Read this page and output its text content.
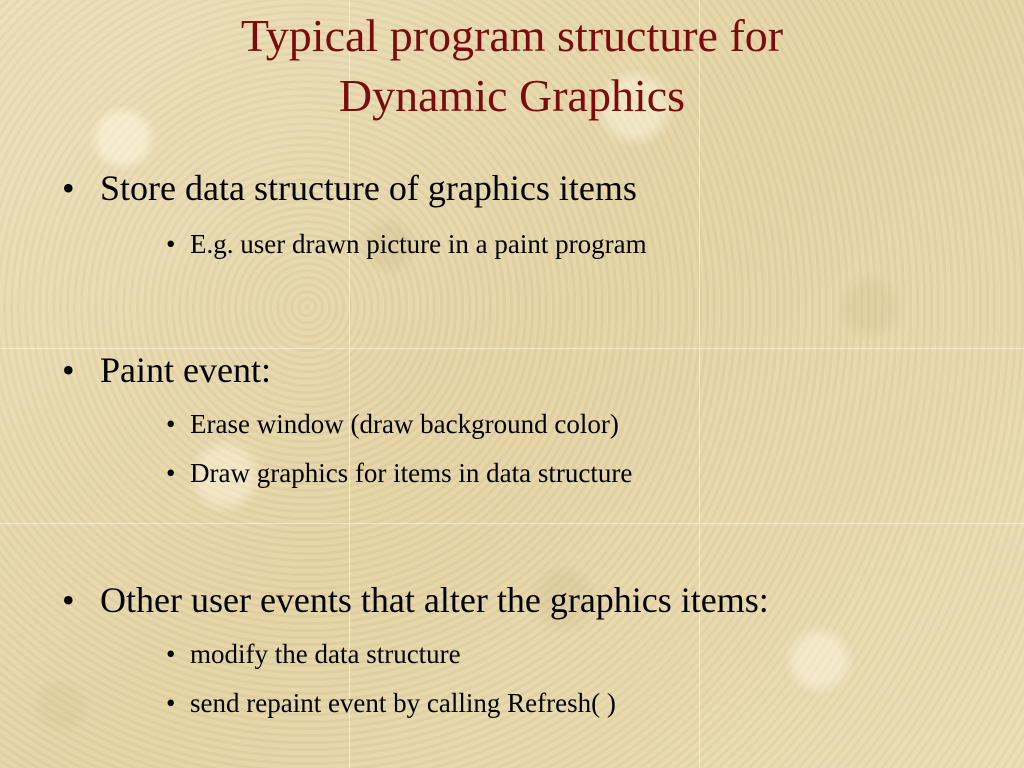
Typical program structure for
Dynamic Graphics
• Store data structure of graphics items
• E.g. user drawn picture in a paint program
• Paint event:
• Erase window (draw background color)
• Draw graphics for items in data structure
• Other user events that alter the graphics items:
• modify the data structure
• send repaint event by calling Refresh( )
